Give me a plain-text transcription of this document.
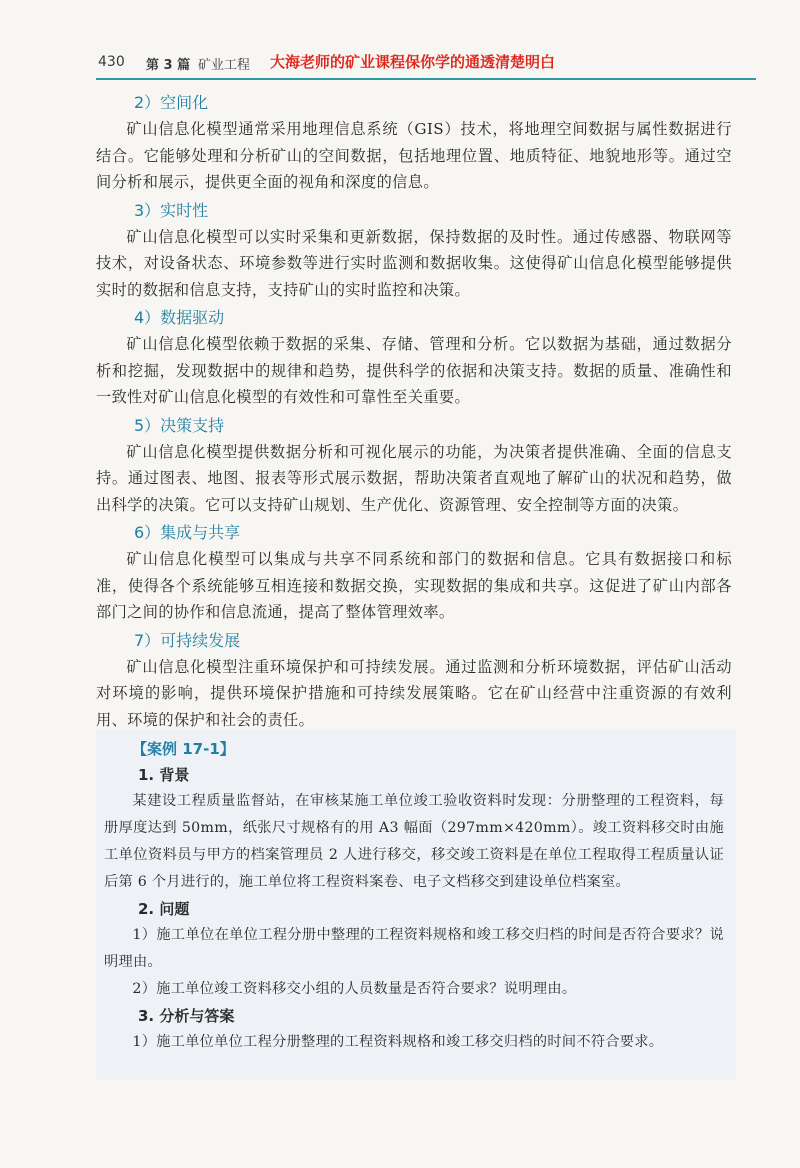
430 第 3 篇 矿业工程 大海老师的矿业课程保你学的通透清楚明白
2）空间化

矿山信息化模型通常采用地理信息系统（GIS）技术，将地理空间数据与属性数据进行结合。它能够处理和分析矿山的空间数据，包括地理位置、地质特征、地貌地形等。通过空间分析和展示，提供更全面的视角和深度的信息。

3）实时性

矿山信息化模型可以实时采集和更新数据，保持数据的及时性。通过传感器、物联网等技术，对设备状态、环境参数等进行实时监测和数据收集。这使得矿山信息化模型能够提供实时的数据和信息支持，支持矿山的实时监控和决策。

4）数据驱动

矿山信息化模型依赖于数据的采集、存储、管理和分析。它以数据为基础，通过数据分析和挖掘，发现数据中的规律和趋势，提供科学的依据和决策支持。数据的质量、准确性和一致性对矿山信息化模型的有效性和可靠性至关重要。

5）决策支持

矿山信息化模型提供数据分析和可视化展示的功能，为决策者提供准确、全面的信息支持。通过图表、地图、报表等形式展示数据，帮助决策者直观地了解矿山的状况和趋势，做出科学的决策。它可以支持矿山规划、生产优化、资源管理、安全控制等方面的决策。

6）集成与共享

矿山信息化模型可以集成与共享不同系统和部门的数据和信息。它具有数据接口和标准，使得各个系统能够互相连接和数据交换，实现数据的集成和共享。这促进了矿山内部各部门之间的协作和信息流通，提高了整体管理效率。

7）可持续发展

矿山信息化模型注重环境保护和可持续发展。通过监测和分析环境数据，评估矿山活动对环境的影响，提供环境保护措施和可持续发展策略。它在矿山经营中注重资源的有效利用、环境的保护和社会的责任。

【案例 17-1】
1. 背景

某建设工程质量监督站，在审核某施工单位竣工验收资料时发现：分册整理的工程资料，每册厚度达到 50mm，纸张尺寸规格有的用 A3 幅面（297mm×420mm）。竣工资料移交时由施工单位资料员与甲方的档案管理员 2 人进行移交，移交竣工资料是在单位工程取得工程质量认证后第 6 个月进行的，施工单位将工程资料案卷、电子文档移交到建设单位档案室。

2. 问题

1）施工单位在单位工程分册中整理的工程资料规格和竣工移交归档的时间是否符合要求？说明理由。

2）施工单位竣工资料移交小组的人员数量是否符合要求？说明理由。

3. 分析与答案

1）施工单位单位工程分册整理的工程资料规格和竣工移交归档的时间不符合要求。
